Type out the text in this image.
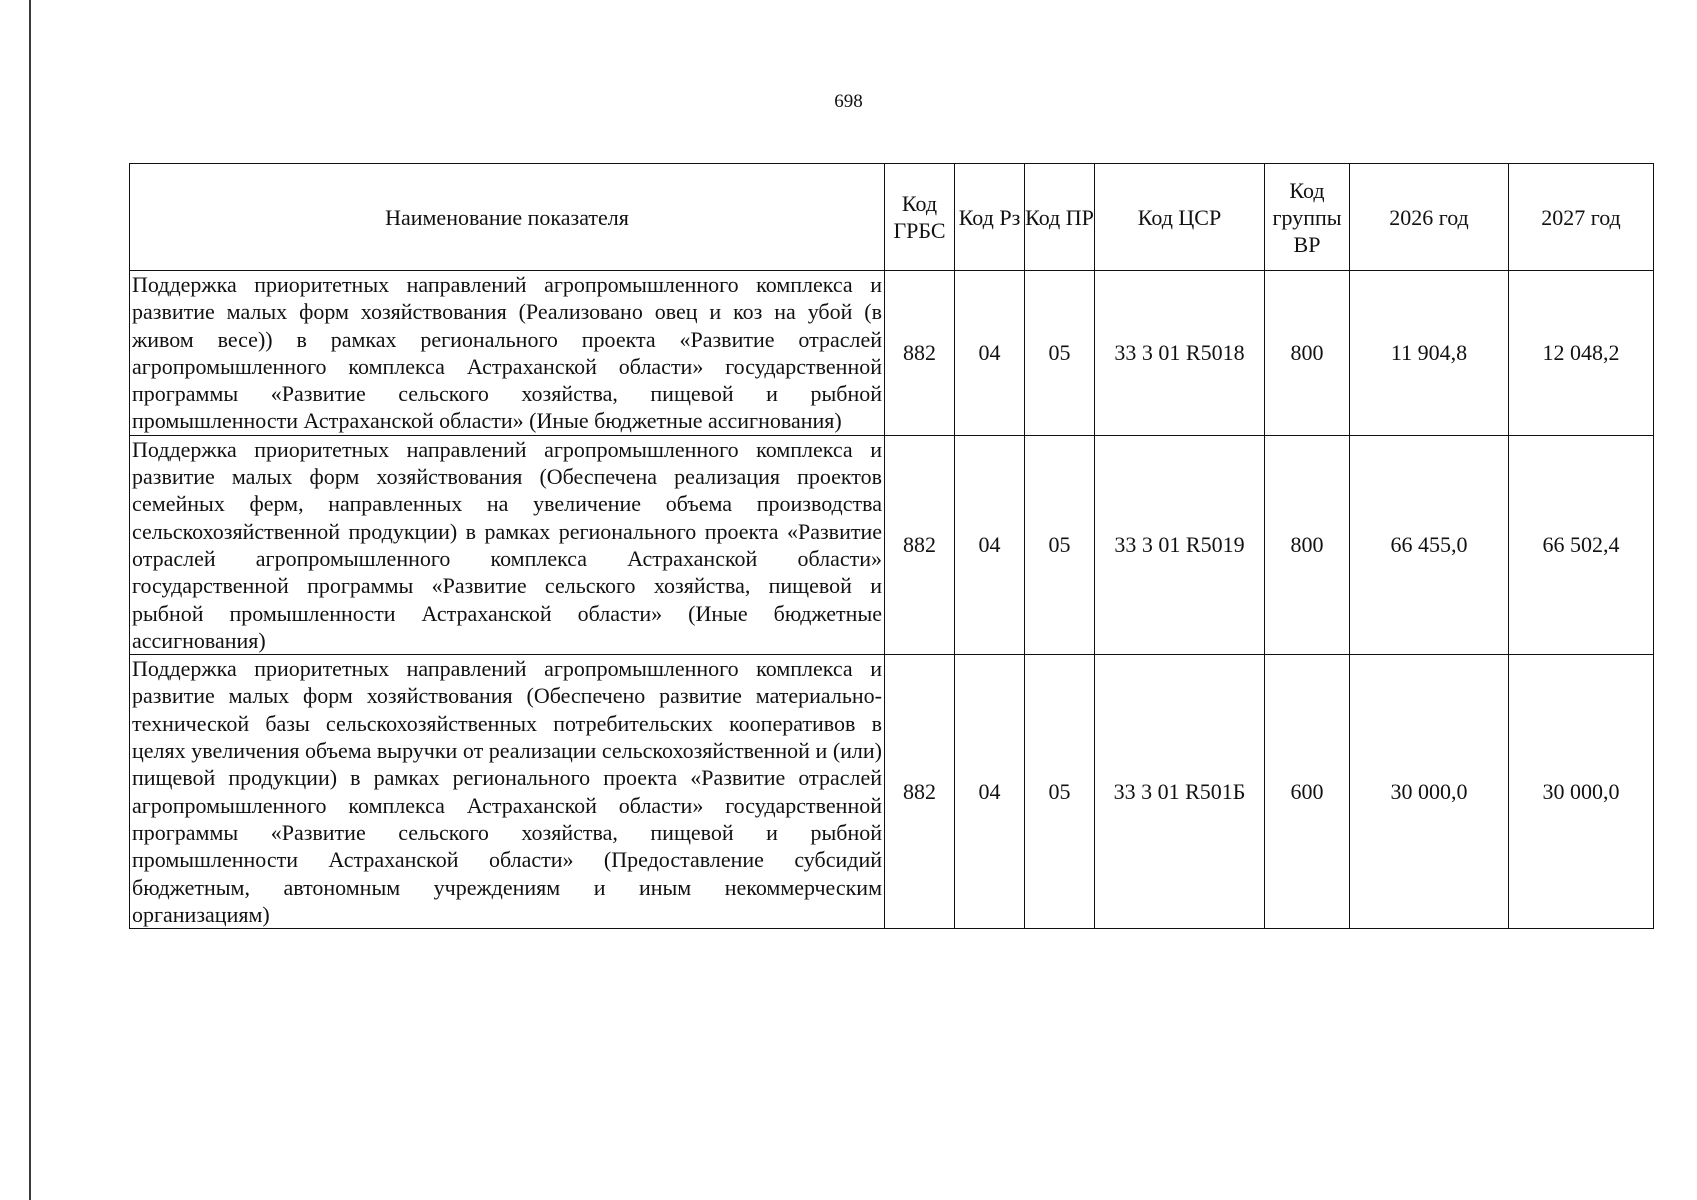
698
Наименование показателя	Код ГРБС	Код Рз	Код ПР	Код ЦСР	Код группы ВР	2026 год	2027 год
Поддержка приоритетных направлений агропромышленного комплекса и развитие малых форм хозяйствования (Реализовано овец и коз на убой (в живом весе)) в рамках регионального проекта «Развитие отраслей агропромышленного комплекса Астраханской области» государственной программы «Развитие сельского хозяйства, пищевой и рыбной промышленности Астраханской области» (Иные бюджетные ассигнования)	882	04	05	33 3 01 R5018	800	11 904,8	12 048,2
Поддержка приоритетных направлений агропромышленного комплекса и развитие малых форм хозяйствования (Обеспечена реализация проектов семейных ферм, направленных на увеличение объема производства сельскохозяйственной продукции) в рамках регионального проекта «Развитие отраслей агропромышленного комплекса Астраханской области» государственной программы «Развитие сельского хозяйства, пищевой и рыбной промышленности Астраханской области» (Иные бюджетные ассигнования)	882	04	05	33 3 01 R5019	800	66 455,0	66 502,4
Поддержка приоритетных направлений агропромышленного комплекса и развитие малых форм хозяйствования (Обеспечено развитие материально-технической базы сельскохозяйственных потребительских кооперативов в целях увеличения объема выручки от реализации сельскохозяйственной и (или) пищевой продукции) в рамках регионального проекта «Развитие отраслей агропромышленного комплекса Астраханской области» государственной программы «Развитие сельского хозяйства, пищевой и рыбной промышленности Астраханской области» (Предоставление субсидий бюджетным, автономным учреждениям и иным некоммерческим организациям)	882	04	05	33 3 01 R501Б	600	30 000,0	30 000,0
